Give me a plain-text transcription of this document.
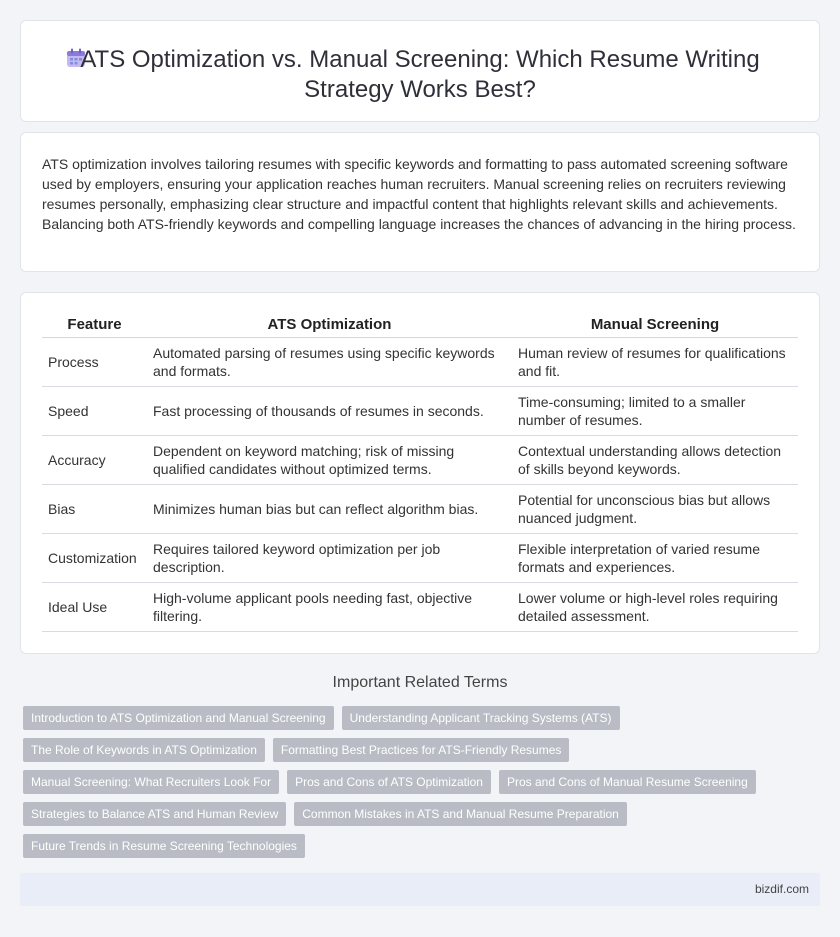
ATS Optimization vs. Manual Screening: Which Resume Writing Strategy Works Best?

ATS optimization involves tailoring resumes with specific keywords and formatting to pass automated screening software used by employers, ensuring your application reaches human recruiters. Manual screening relies on recruiters reviewing resumes personally, emphasizing clear structure and impactful content that highlights relevant skills and achievements. Balancing both ATS-friendly keywords and compelling language increases the chances of advancing in the hiring process.

Feature	ATS Optimization	Manual Screening
Process	Automated parsing of resumes using specific keywords and formats.	Human review of resumes for qualifications and fit.
Speed	Fast processing of thousands of resumes in seconds.	Time-consuming; limited to a smaller number of resumes.
Accuracy	Dependent on keyword matching; risk of missing qualified candidates without optimized terms.	Contextual understanding allows detection of skills beyond keywords.
Bias	Minimizes human bias but can reflect algorithm bias.	Potential for unconscious bias but allows nuanced judgment.
Customization	Requires tailored keyword optimization per job description.	Flexible interpretation of varied resume formats and experiences.
Ideal Use	High-volume applicant pools needing fast, objective filtering.	Lower volume or high-level roles requiring detailed assessment.
Important Related Terms
Introduction to ATS Optimization and Manual Screening	Understanding Applicant Tracking Systems (ATS)
The Role of Keywords in ATS Optimization	Formatting Best Practices for ATS-Friendly Resumes
Manual Screening: What Recruiters Look For	Pros and Cons of ATS Optimization	Pros and Cons of Manual Resume Screening
Strategies to Balance ATS and Human Review	Common Mistakes in ATS and Manual Resume Preparation
Future Trends in Resume Screening Technologies
bizdif.com
